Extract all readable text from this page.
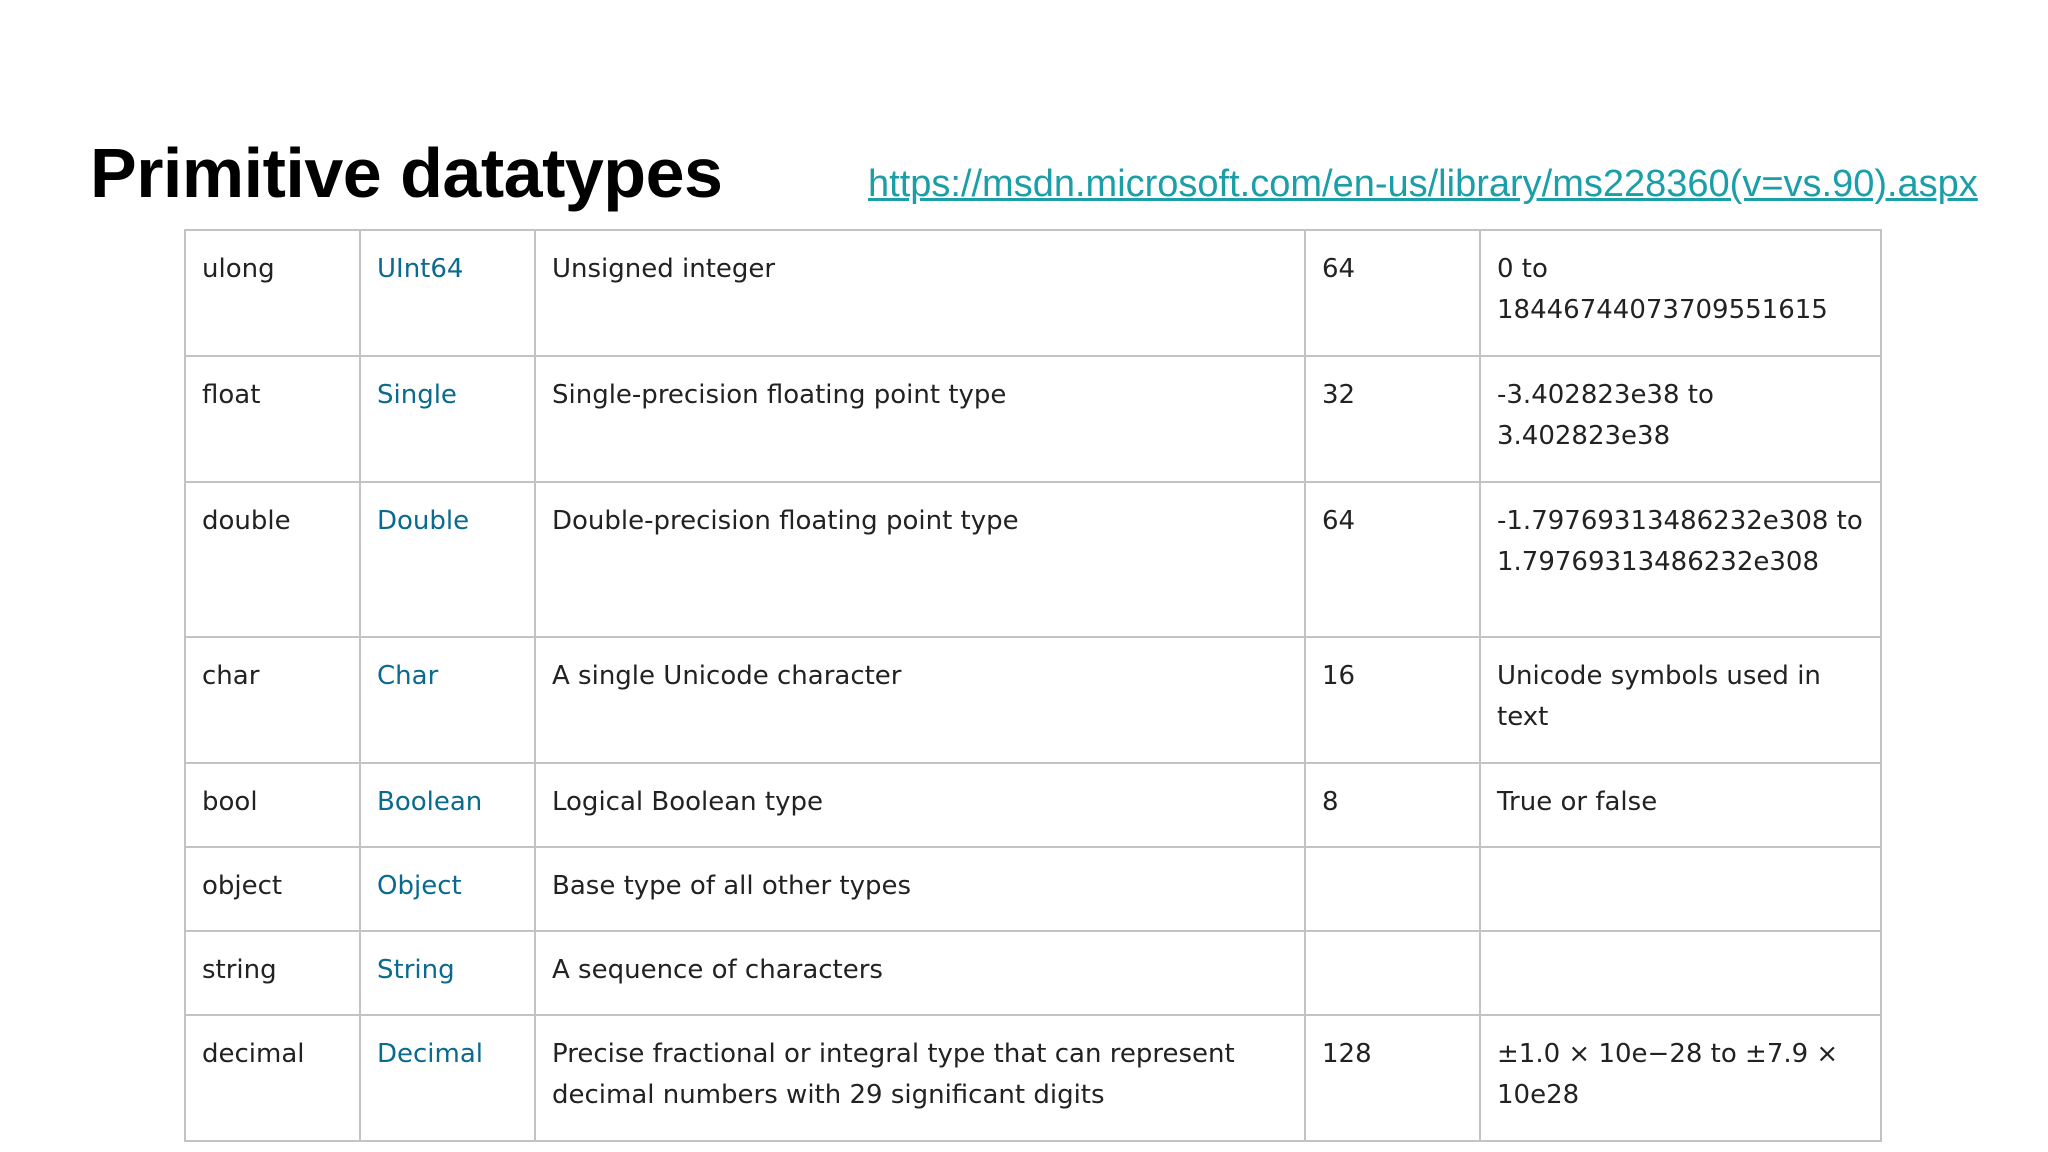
Primitive datatypes	https://msdn.microsoft.com/en-us/library/ms228360(v=vs.90).aspx
ulong	UInt64	Unsigned integer	64	0 to 18446744073709551615
float	Single	Single-precision floating point type	32	-3.402823e38 to 3.402823e38
double	Double	Double-precision floating point type	64	-1.79769313486232e308 to 1.79769313486232e308
char	Char	A single Unicode character	16	Unicode symbols used in text
bool	Boolean	Logical Boolean type	8	True or false
object	Object	Base type of all other types		
string	String	A sequence of characters		
decimal	Decimal	Precise fractional or integral type that can represent decimal numbers with 29 significant digits	128	±1.0 × 10e−28 to ±7.9 × 10e28
